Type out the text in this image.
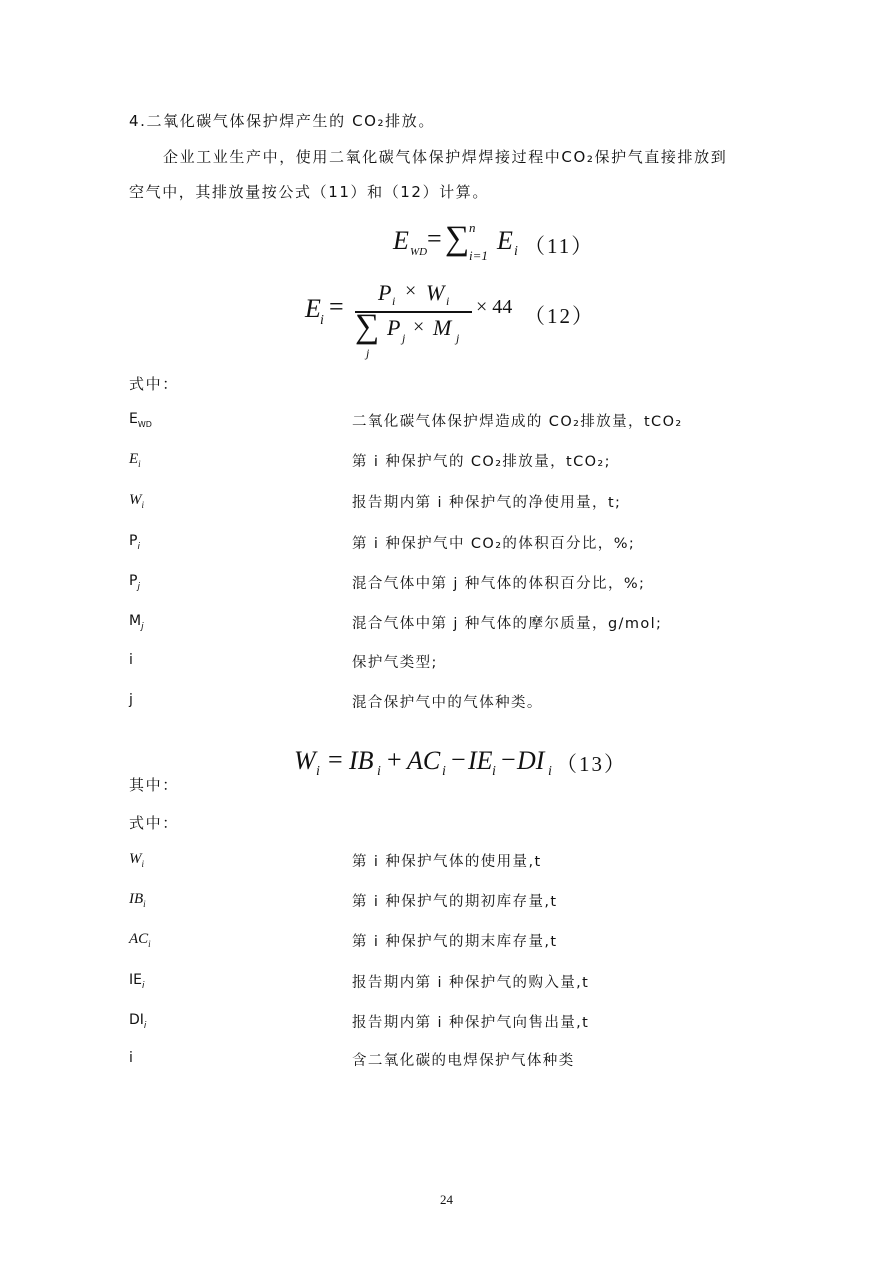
4.二氧化碳气体保护焊产生的 CO₂排放。
企业工业生产中，使用二氧化碳气体保护焊焊接过程中CO₂保护气直接排放到
空气中，其排放量按公式（11）和（12）计算。
E WD = ∑ n
i=1
E i （11）
E i = P i × W i
∑
j
P j × M j
× 44 （12）
式中：
$E_{WD}$	二氧化碳气体保护焊造成的 CO₂排放量，tCO₂
$E_i$	第 i 种保护气的 CO₂排放量，tCO₂;
$W_i$	报告期内第 i 种保护气的净使用量，t;
$P_i$	第 i 种保护气中 CO₂的体积百分比，%;
$P_j$	混合气体中第 j 种气体的体积百分比，%;
$M_j$	混合气体中第 j 种气体的摩尔质量，g/mol;
i	保护气类型;
j	混合保护气中的气体种类。
W i = IB i + AC i − IE i − DI i （13）
其中：
式中：
$W_i$	第 i 种保护气体的使用量,t
$IB_i$	第 i 种保护气的期初库存量,t
$AC_i$	第 i 种保护气的期末库存量,t
$IE_i$	报告期内第 i 种保护气的购入量,t
$DI_i$	报告期内第 i 种保护气向售出量,t
i	含二氧化碳的电焊保护气体种类
24
